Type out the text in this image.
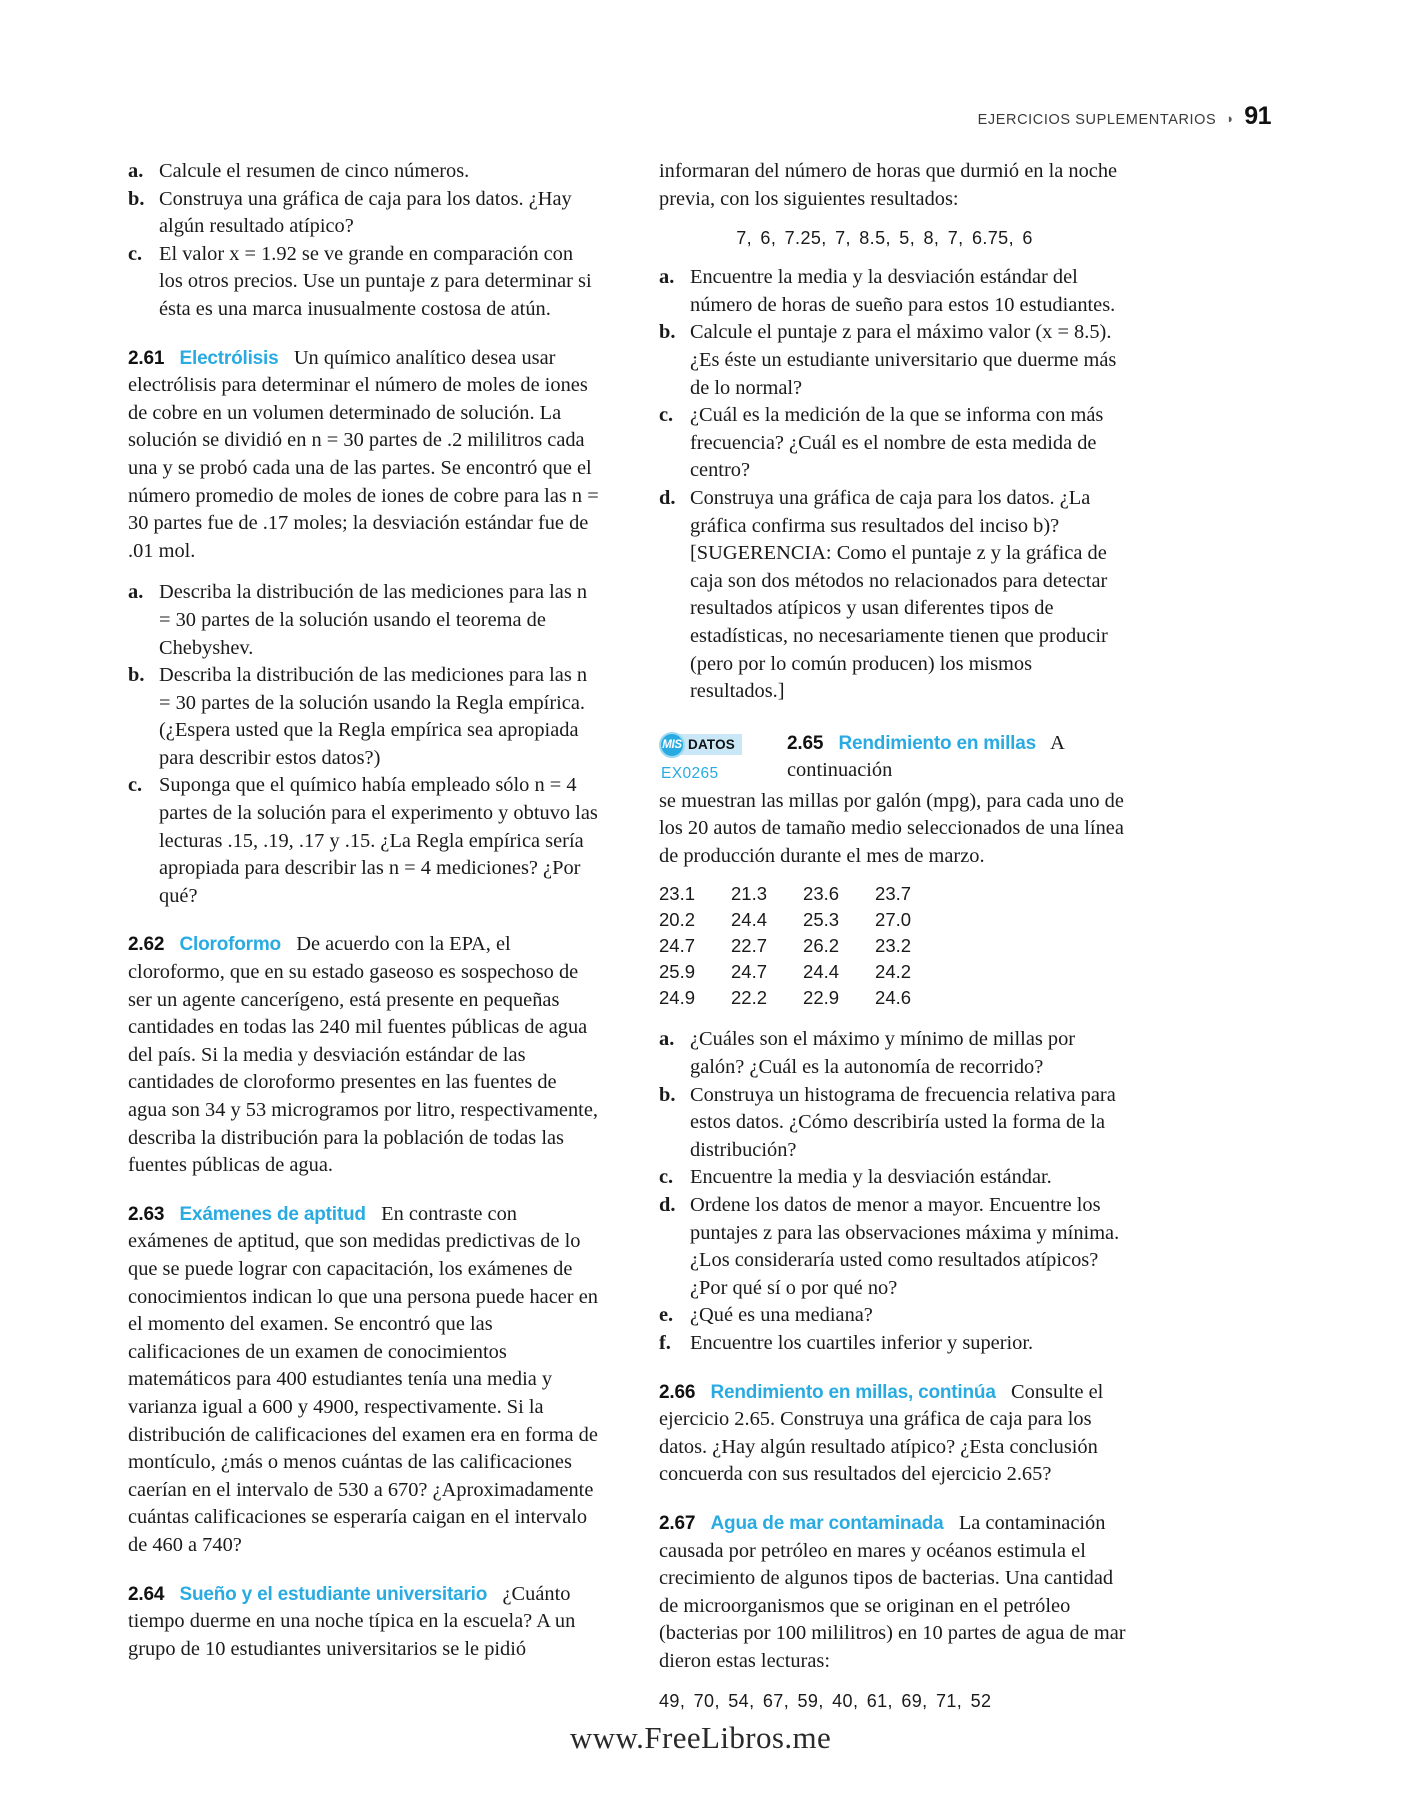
EJERCICIOS SUPLEMENTARIOS ◗ 91
a. Calcule el resumen de cinco números.
b. Construya una gráfica de caja para los datos. ¿Hay algún resultado atípico?
c. El valor x = 1.92 se ve grande en comparación con los otros precios. Use un puntaje z para determinar si ésta es una marca inusualmente costosa de atún.
2.61 Electrólisis Un químico analítico desea usar electrólisis para determinar el número de moles de iones de cobre en un volumen determinado de solución. La solución se dividió en n = 30 partes de .2 mililitros cada una y se probó cada una de las partes. Se encontró que el número promedio de moles de iones de cobre para las n = 30 partes fue de .17 moles; la desviación estándar fue de .01 mol.
a. Describa la distribución de las mediciones para las n = 30 partes de la solución usando el teorema de Chebyshev.
b. Describa la distribución de las mediciones para las n = 30 partes de la solución usando la Regla empírica. (¿Espera usted que la Regla empírica sea apropiada para describir estos datos?)
c. Suponga que el químico había empleado sólo n = 4 partes de la solución para el experimento y obtuvo las lecturas .15, .19, .17 y .15. ¿La Regla empírica sería apropiada para describir las n = 4 mediciones? ¿Por qué?
2.62 Cloroformo De acuerdo con la EPA, el cloroformo, que en su estado gaseoso es sospechoso de ser un agente cancerígeno, está presente en pequeñas cantidades en todas las 240 mil fuentes públicas de agua del país. Si la media y desviación estándar de las cantidades de cloroformo presentes en las fuentes de agua son 34 y 53 microgramos por litro, respectivamente, describa la distribución para la población de todas las fuentes públicas de agua.
2.63 Exámenes de aptitud En contraste con exámenes de aptitud, que son medidas predictivas de lo que se puede lograr con capacitación, los exámenes de conocimientos indican lo que una persona puede hacer en el momento del examen. Se encontró que las calificaciones de un examen de conocimientos matemáticos para 400 estudiantes tenía una media y varianza igual a 600 y 4900, respectivamente. Si la distribución de calificaciones del examen era en forma de montículo, ¿más o menos cuántas de las calificaciones caerían en el intervalo de 530 a 670? ¿Aproximadamente cuántas calificaciones se esperaría caigan en el intervalo de 460 a 740?
2.64 Sueño y el estudiante universitario ¿Cuánto tiempo duerme en una noche típica en la escuela? A un grupo de 10 estudiantes universitarios se le pidió

informaran del número de horas que durmió en la noche previa, con los siguientes resultados:

7, 6, 7.25, 7, 8.5, 5, 8, 7, 6.75, 6
a. Encuentre la media y la desviación estándar del número de horas de sueño para estos 10 estudiantes.
b. Calcule el puntaje z para el máximo valor (x = 8.5). ¿Es éste un estudiante universitario que duerme más de lo normal?
c. ¿Cuál es la medición de la que se informa con más frecuencia? ¿Cuál es el nombre de esta medida de centro?
d. Construya una gráfica de caja para los datos. ¿La gráfica confirma sus resultados del inciso b)? [SUGERENCIA: Como el puntaje z y la gráfica de caja son dos métodos no relacionados para detectar resultados atípicos y usan diferentes tipos de estadísticas, no necesariamente tienen que producir (pero por lo común producen) los mismos resultados.]
MIS DATOS
EX0265
2.65 Rendimiento en millas A continuación

se muestran las millas por galón (mpg), para cada uno de los 20 autos de tamaño medio seleccionados de una línea de producción durante el mes de marzo.

23.1	21.3	23.6	23.7
20.2	24.4	25.3	27.0
24.7	22.7	26.2	23.2
25.9	24.7	24.4	24.2
24.9	22.2	22.9	24.6
a. ¿Cuáles son el máximo y mínimo de millas por galón? ¿Cuál es la autonomía de recorrido?
b. Construya un histograma de frecuencia relativa para estos datos. ¿Cómo describiría usted la forma de la distribución?
c. Encuentre la media y la desviación estándar.
d. Ordene los datos de menor a mayor. Encuentre los puntajes z para las observaciones máxima y mínima. ¿Los consideraría usted como resultados atípicos? ¿Por qué sí o por qué no?
e. ¿Qué es una mediana?
f. Encuentre los cuartiles inferior y superior.
2.66 Rendimiento en millas, continúa Consulte el ejercicio 2.65. Construya una gráfica de caja para los datos. ¿Hay algún resultado atípico? ¿Esta conclusión concuerda con sus resultados del ejercicio 2.65?
2.67 Agua de mar contaminada La contaminación causada por petróleo en mares y océanos estimula el crecimiento de algunos tipos de bacterias. Una cantidad de microorganismos que se originan en el petróleo (bacterias por 100 mililitros) en 10 partes de agua de mar dieron estas lecturas:
49, 70, 54, 67, 59, 40, 61, 69, 71, 52
www.FreeLibros.me
